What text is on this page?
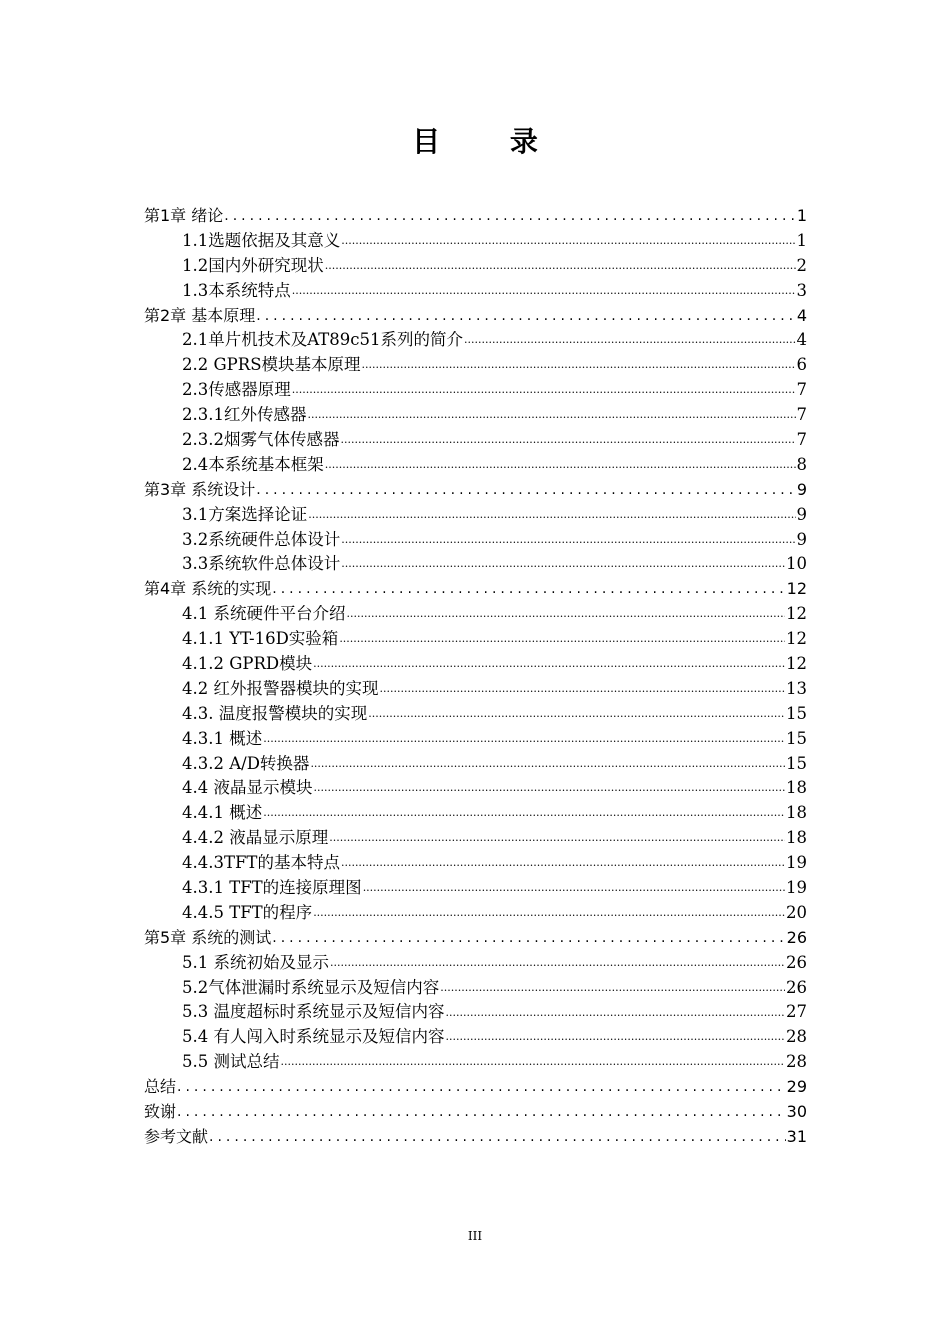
目 录
第1章 绪论 .....	1
1.1选题依据及其意义 .....	1
1.2国内外研究现状 .....	2
1.3本系统特点 .....	3
第2章 基本原理 .....	4
2.1单片机技术及AT89c51系列的简介 .....	4
2.2 GPRS模块基本原理 .....	6
2.3传感器原理 .....	7
2.3.1红外传感器 .....	7
2.3.2烟雾气体传感器 .....	7
2.4本系统基本框架 .....	8
第3章 系统设计 .....	9
3.1方案选择论证 .....	9
3.2系统硬件总体设计 .....	9
3.3系统软件总体设计 .....	10
第4章 系统的实现 .....	12
4.1 系统硬件平台介绍 .....	12
4.1.1 YT-16D实验箱 .....	12
4.1.2 GPRD模块 .....	12
4.2 红外报警器模块的实现 .....	13
4.3. 温度报警模块的实现 .....	15
4.3.1 概述 .....	15
4.3.2 A/D转换器 .....	15
4.4 液晶显示模块 .....	18
4.4.1 概述 .....	18
4.4.2 液晶显示原理 .....	18
4.4.3TFT的基本特点 .....	19
4.3.1 TFT的连接原理图 .....	19
4.4.5 TFT的程序 .....	20
第5章 系统的测试 .....	26
5.1 系统初始及显示 .....	26
5.2气体泄漏时系统显示及短信内容 .....	26
5.3 温度超标时系统显示及短信内容 .....	27
5.4 有人闯入时系统显示及短信内容 .....	28
5.5 测试总结 .....	28
总结 .....	29
致谢 .....	30
参考文献 .....	31
III
